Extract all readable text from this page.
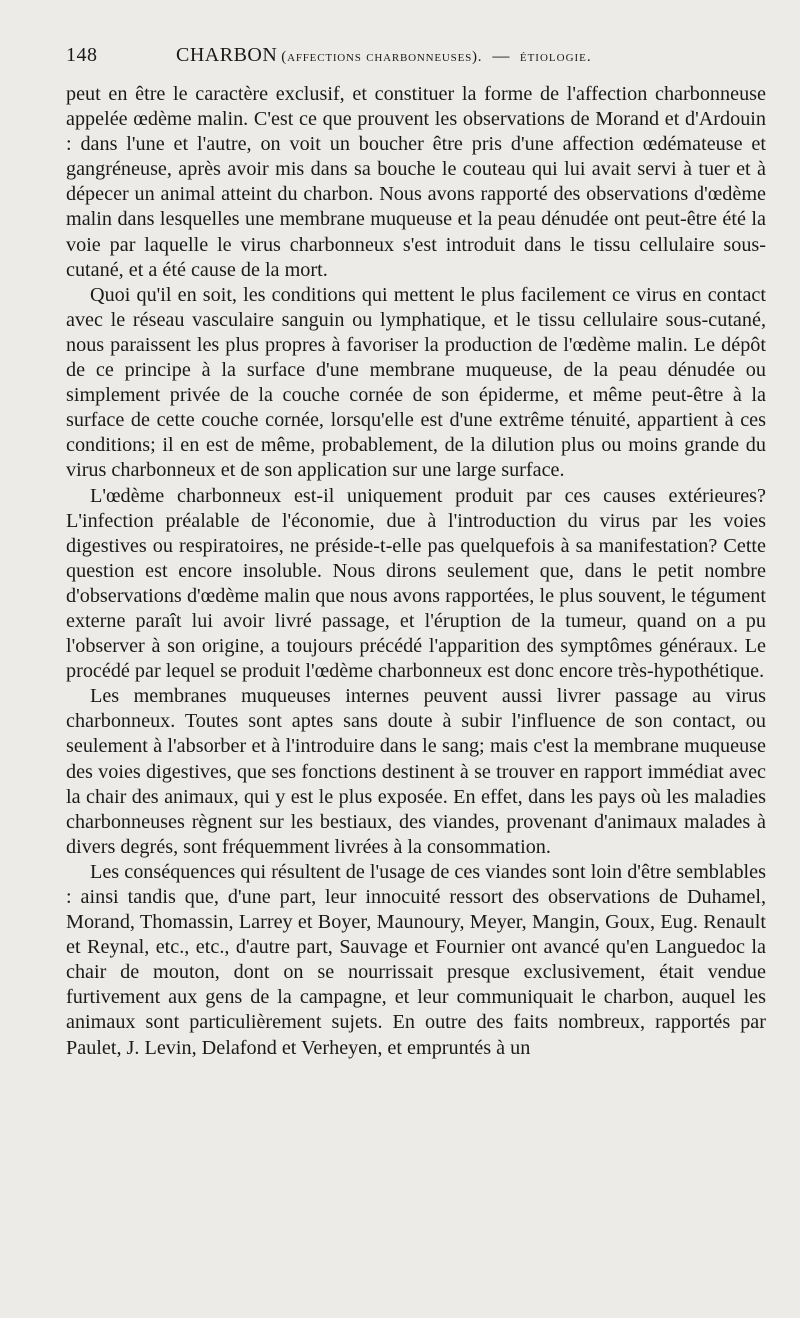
148	CHARBON (affections charbonneuses). — étiologie.

peut en être le caractère exclusif, et constituer la forme de l'affection charbonneuse appelée œdème malin. C'est ce que prouvent les observations de Morand et d'Ardouin : dans l'une et l'autre, on voit un boucher être pris d'une affection œdémateuse et gangréneuse, après avoir mis dans sa bouche le couteau qui lui avait servi à tuer et à dépecer un animal atteint du charbon. Nous avons rapporté des observations d'œdème malin dans lesquelles une membrane muqueuse et la peau dénudée ont peut-être été la voie par laquelle le virus charbonneux s'est introduit dans le tissu cellulaire sous-cutané, et a été cause de la mort.

Quoi qu'il en soit, les conditions qui mettent le plus facilement ce virus en contact avec le réseau vasculaire sanguin ou lymphatique, et le tissu cellulaire sous-cutané, nous paraissent les plus propres à favoriser la production de l'œdème malin. Le dépôt de ce principe à la surface d'une membrane muqueuse, de la peau dénudée ou simplement privée de la couche cornée de son épiderme, et même peut-être à la surface de cette couche cornée, lorsqu'elle est d'une extrême ténuité, appartient à ces conditions; il en est de même, probablement, de la dilution plus ou moins grande du virus charbonneux et de son application sur une large surface.

L'œdème charbonneux est-il uniquement produit par ces causes extérieures? L'infection préalable de l'économie, due à l'introduction du virus par les voies digestives ou respiratoires, ne préside-t-elle pas quelquefois à sa manifestation? Cette question est encore insoluble. Nous dirons seulement que, dans le petit nombre d'observations d'œdème malin que nous avons rapportées, le plus souvent, le tégument externe paraît lui avoir livré passage, et l'éruption de la tumeur, quand on a pu l'observer à son origine, a toujours précédé l'apparition des symptômes généraux. Le procédé par lequel se produit l'œdème charbonneux est donc encore très-hypothétique.

Les membranes muqueuses internes peuvent aussi livrer passage au virus charbonneux. Toutes sont aptes sans doute à subir l'influence de son contact, ou seulement à l'absorber et à l'introduire dans le sang; mais c'est la membrane muqueuse des voies digestives, que ses fonctions destinent à se trouver en rapport immédiat avec la chair des animaux, qui y est le plus exposée. En effet, dans les pays où les maladies charbonneuses règnent sur les bestiaux, des viandes, provenant d'animaux malades à divers degrés, sont fréquemment livrées à la consommation.

Les conséquences qui résultent de l'usage de ces viandes sont loin d'être semblables : ainsi tandis que, d'une part, leur innocuité ressort des observations de Duhamel, Morand, Thomassin, Larrey et Boyer, Maunoury, Meyer, Mangin, Goux, Eug. Renault et Reynal, etc., etc., d'autre part, Sauvage et Fournier ont avancé qu'en Languedoc la chair de mouton, dont on se nourrissait presque exclusivement, était vendue furtivement aux gens de la campagne, et leur communiquait le charbon, auquel les animaux sont particulièrement sujets. En outre des faits nombreux, rapportés par Paulet, J. Levin, Delafond et Verheyen, et empruntés à un
